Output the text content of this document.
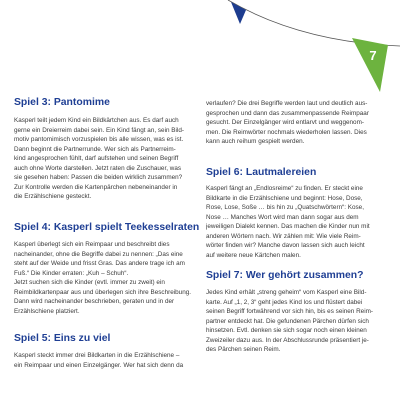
7
Spiel 3: Pantomime
Kasperl teilt jedem Kind ein Bildkärtchen aus. Es darf auch
gerne ein Dreierreim dabei sein. Ein Kind fängt an, sein Bild-
motiv pantomimisch vorzuspielen bis alle wissen, was es ist.
Dann beginnt die Partnerrunde. Wer sich als Partnerreim-
kind angesprochen fühlt, darf aufstehen und seinen Begriff
auch ohne Worte darstellen. Jetzt raten die Zuschauer, was
sie gesehen haben: Passen die beiden wirklich zusammen?
Zur Kontrolle werden die Kartenpärchen nebeneinander in
die Erzählschiene gesteckt.
Spiel 4: Kasperl spielt Teekesselraten
Kasperl überlegt sich ein Reimpaar und beschreibt dies
nacheinander, ohne die Begriffe dabei zu nennen: „Das eine
steht auf der Weide und frisst Gras. Das andere trage ich am
Fuß.“ Die Kinder erraten: „Kuh – Schuh“.
Jetzt suchen sich die Kinder (evtl. immer zu zweit) ein
Reimbildkartenpaar aus und überlegen sich ihre Beschreibung.
Dann wird nacheinander beschrieben, geraten und in der
Erzählschiene platziert.
Spiel 5: Eins zu viel
Kasperl steckt immer drei Bildkarten in die Erzählschiene –
ein Reimpaar und einen Einzelgänger. Wer hat sich denn da
verlaufen? Die drei Begriffe werden laut und deutlich aus-
gesprochen und dann das zusammenpassende Reimpaar
gesucht. Der Einzelgänger wird entlarvt und weggenom-
men. Die Reimwörter nochmals wiederholen lassen. Dies
kann auch reihum gespielt werden.
Spiel 6: Lautmalereien
Kasperl fängt an „Endlosreime“ zu finden. Er steckt eine
Bildkarte in die Erzählschiene und beginnt: Hose, Dose,
Rose, Lose, Soße … bis hin zu „Quatschwörtern“: Kose,
Nose … Manches Wort wird man dann sogar aus dem
jeweiligen Dialekt kennen. Das machen die Kinder nun mit
anderen Wörtern nach. Wir zählen mit: Wie viele Reim-
wörter finden wir? Manche davon lassen sich auch leicht
auf weitere neue Kärtchen malen.
Spiel 7: Wer gehört zusammen?
Jedes Kind erhält „streng geheim“ vom Kasperl eine Bild-
karte. Auf „1, 2, 3“ geht jedes Kind los und flüstert dabei
seinen Begriff fortwährend vor sich hin, bis es seinen Reim-
partner entdeckt hat. Die gefundenen Pärchen dürfen sich
hinsetzen. Evtl. denken sie sich sogar noch einen kleinen
Zweizeiler dazu aus. In der Abschlussrunde präsentiert je-
des Pärchen seinen Reim.
